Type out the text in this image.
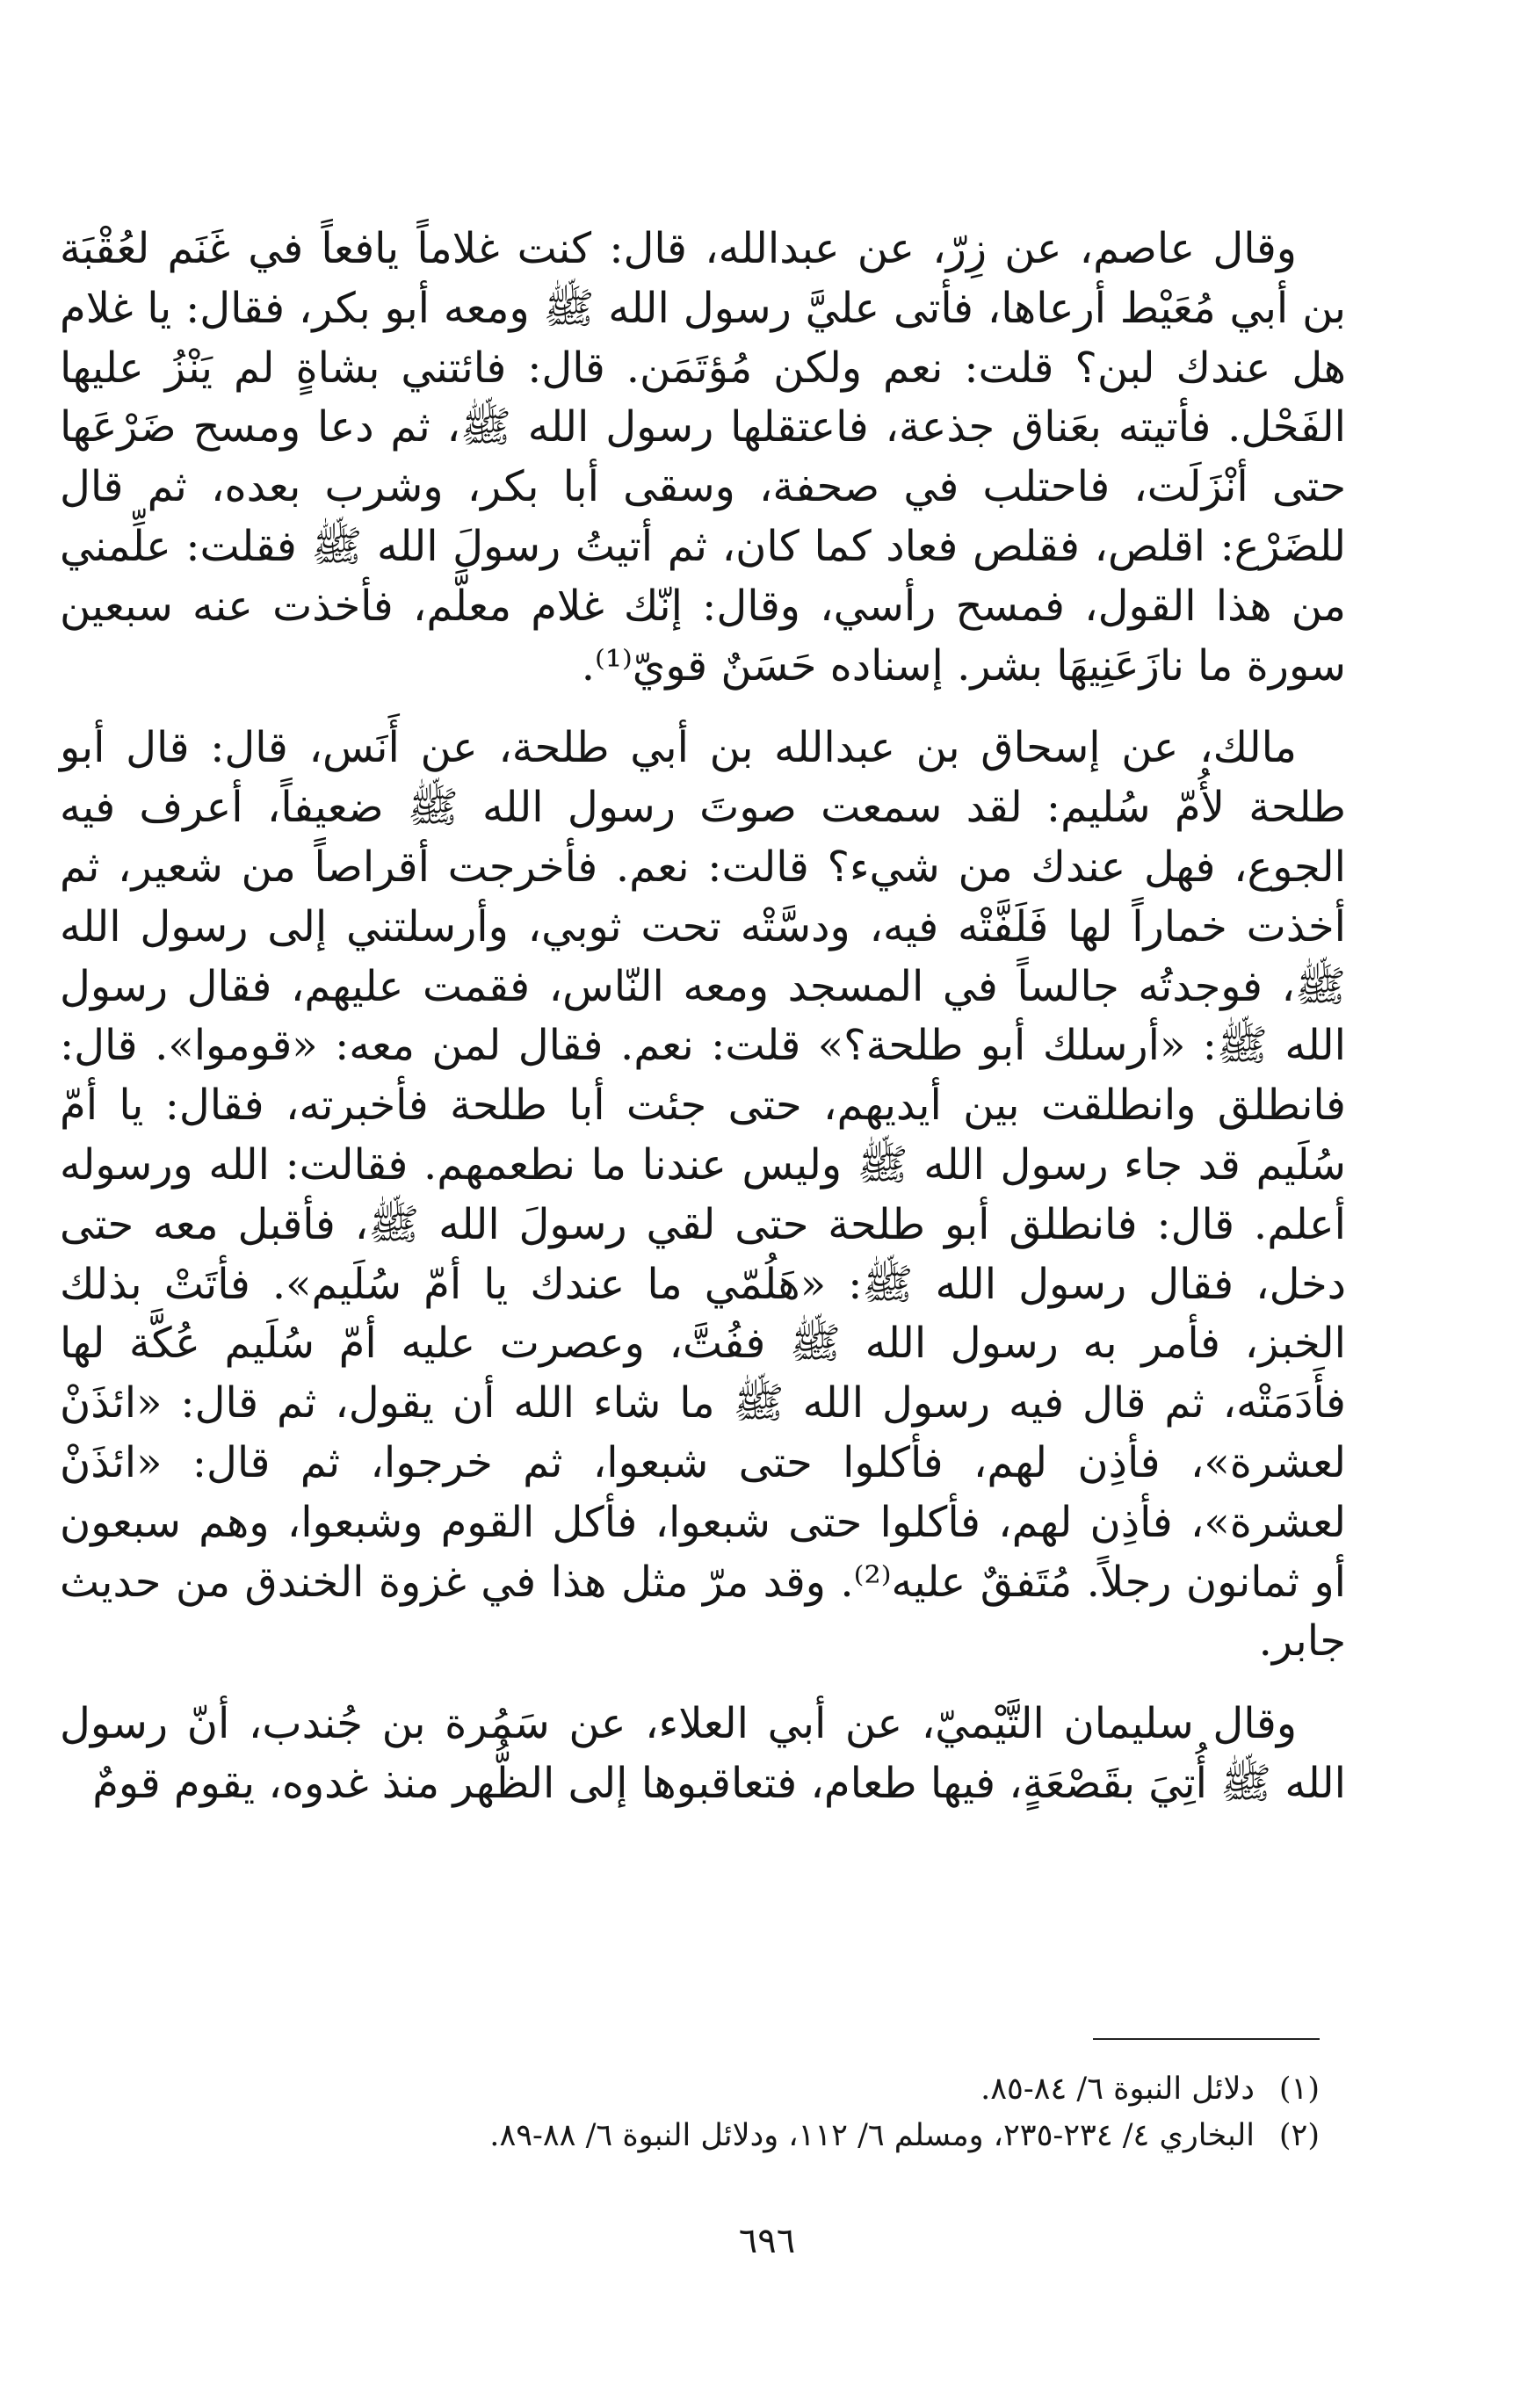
وقال عاصم، عن زِرّ، عن عبدالله، قال: كنت غلاماً يافعاً في غَنَم لعُقْبَة بن أبي مُعَيْط أرعاها، فأتى عليَّ رسول الله ﷺ ومعه أبو بكر، فقال: يا غلام هل عندك لبن؟ قلت: نعم ولكن مُؤتَمَن. قال: فائتني بشاةٍ لم يَنْزُ عليها الفَحْل. فأتيته بعَناق جذعة، فاعتقلها رسول الله ﷺ، ثم دعا ومسح ضَرْعَها حتى أنْزَلَت، فاحتلب في صحفة، وسقى أبا بكر، وشرب بعده، ثم قال للضَرْع: اقلص، فقلص فعاد كما كان، ثم أتيتُ رسولَ الله ﷺ فقلت: علِّمني من هذا القول، فمسح رأسي، وقال: إنّك غلام معلَّم، فأخذت عنه سبعين سورة ما نازَعَنِيهَا بشر. إسناده حَسَنٌ قويّ⁽¹⁾.

مالك، عن إسحاق بن عبدالله بن أبي طلحة، عن أَنَس، قال: قال أبو طلحة لأُمّ سُليم: لقد سمعت صوتَ رسول الله ﷺ ضعيفاً، أعرف فيه الجوع، فهل عندك من شيء؟ قالت: نعم. فأخرجت أقراصاً من شعير، ثم أخذت خماراً لها فَلَفَّتْه فيه، ودسَّتْه تحت ثوبي، وأرسلتني إلى رسول الله ﷺ، فوجدتُه جالساً في المسجد ومعه النّاس، فقمت عليهم، فقال رسول الله ﷺ: «أرسلك أبو طلحة؟» قلت: نعم. فقال لمن معه: «قوموا». قال: فانطلق وانطلقت بين أيديهم، حتى جئت أبا طلحة فأخبرته، فقال: يا أمّ سُلَيم قد جاء رسول الله ﷺ وليس عندنا ما نطعمهم. فقالت: الله ورسوله أعلم. قال: فانطلق أبو طلحة حتى لقي رسولَ الله ﷺ، فأقبل معه حتى دخل، فقال رسول الله ﷺ: «هَلُمّي ما عندك يا أمّ سُلَيم». فأتَتْ بذلك الخبز، فأمر به رسول الله ﷺ ففُتَّ، وعصرت عليه أمّ سُلَيم عُكَّة لها فأَدَمَتْه، ثم قال فيه رسول الله ﷺ ما شاء الله أن يقول، ثم قال: «ائذَنْ لعشرة»، فأذِن لهم، فأكلوا حتى شبعوا، ثم خرجوا، ثم قال: «ائذَنْ لعشرة»، فأذِن لهم، فأكلوا حتى شبعوا، فأكل القوم وشبعوا، وهم سبعون أو ثمانون رجلاً. مُتَفقٌ عليه⁽²⁾. وقد مرّ مثل هذا في غزوة الخندق من حديث جابر.

وقال سليمان التَّيْميّ، عن أبي العلاء، عن سَمُرة بن جُندب، أنّ رسول الله ﷺ أُتِيَ بقَصْعَةٍ، فيها طعام، فتعاقبوها إلى الظُّهر منذ غدوه، يقوم قومٌ

(١)دلائل النبوة ٦/ ٨٤-٨٥.
(٢)البخاري ٤/ ٢٣٤-٢٣٥، ومسلم ٦/ ١١٢، ودلائل النبوة ٦/ ٨٨-٨٩.
٦٩٦
